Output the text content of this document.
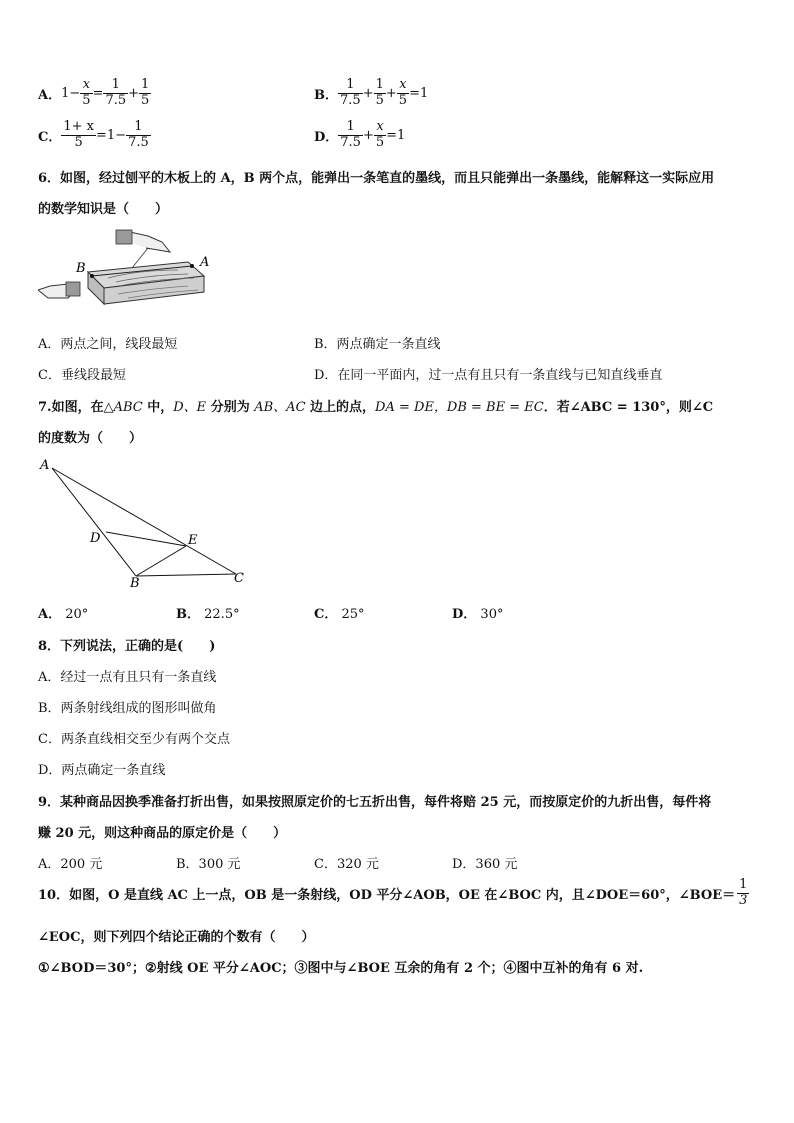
A． $1- \frac{x}{5} = \frac{1}{7.5} + \frac{1}{5}$	B． $\frac{1}{7.5} + \frac{1}{5} + \frac{x}{5} =1$
C． $\frac{1+ x}{5} =1- \frac{1}{7.5}$	D． $\frac{1}{7.5} + \frac{x}{5} =1$
6．如图，经过刨平的木板上的 A，B 两个点，能弹出一条笔直的墨线，而且只能弹出一条墨线，能解释这一实际应用
的数学知识是（　　）
B	A
A．两点之间，线段最短	B．两点确定一条直线
C．垂线段最短	D．在同一平面内，过一点有且只有一条直线与已知直线垂直
7.如图，在△ABC 中，D、E 分别为 AB、AC 边上的点，DA = DE，DB = BE = EC．若∠ABC = 130°，则∠C
的度数为（　　）
A
D	E
B	C
A． 20°	B． 22.5°	C． 25°	D． 30°
8．下列说法，正确的是(　　)
A．经过一点有且只有一条直线
B．两条射线组成的图形叫做角
C．两条直线相交至少有两个交点
D．两点确定一条直线
9．某种商品因换季准备打折出售，如果按照原定价的七五折出售，每件将赔 25 元，而按原定价的九折出售，每件将
赚 20 元，则这种商品的原定价是（　　）
A．200 元	B．300 元	C．320 元	D．360 元
10．如图，O 是直线 AC 上一点，OB 是一条射线，OD 平分∠AOB，OE 在∠BOC 内，且∠DOE＝60°，∠BOE＝ $\frac{1}{3}$
∠EOC，则下列四个结论正确的个数有（　　）
①∠BOD＝30°；②射线 OE 平分∠AOC；③图中与∠BOE 互余的角有 2 个；④图中互补的角有 6 对.
